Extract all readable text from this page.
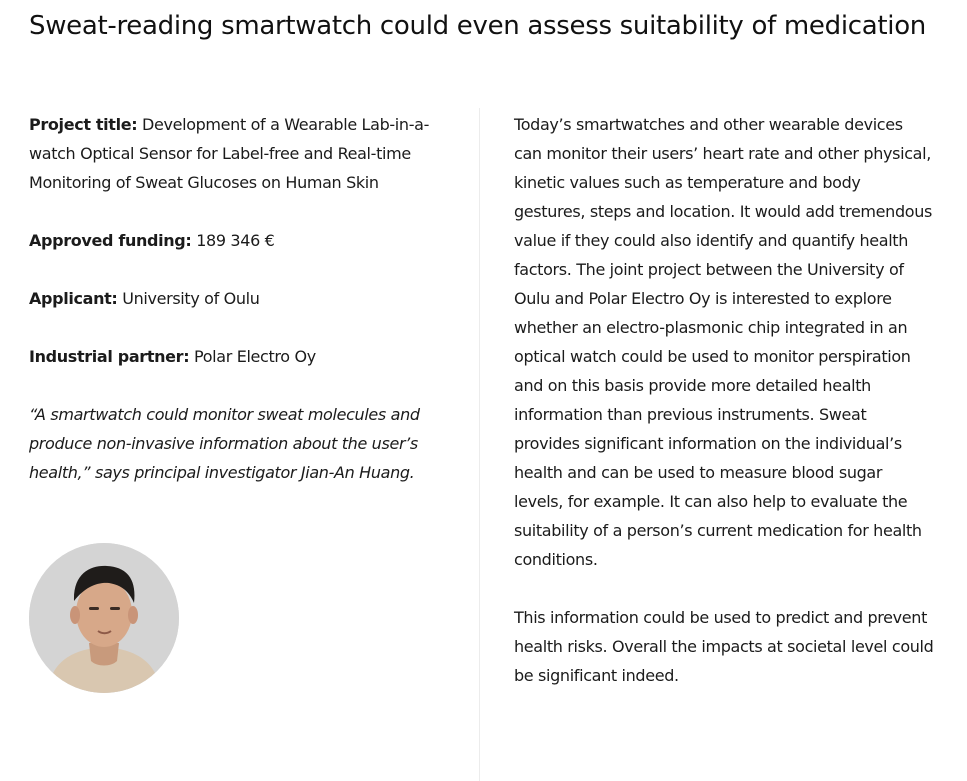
Sweat-reading smartwatch could even assess suitability of medication

Project title: Development of a Wearable Lab-in-a-watch Optical Sensor for Label-free and Real-time Monitoring of Sweat Glucoses on Human Skin

Approved funding: 189 346 €

Applicant: University of Oulu

Industrial partner: Polar Electro Oy

“A smartwatch could monitor sweat molecules and produce non-invasive information about the user’s health,” says principal investigator Jian-An Huang.

Today’s smartwatches and other wearable devices can monitor their users’ heart rate and other physical, kinetic values such as temperature and body gestures, steps and location. It would add tremendous value if they could also identify and quantify health factors. The joint project between the University of Oulu and Polar Electro Oy is interested to explore whether an electro-plasmonic chip integrated in an optical watch could be used to monitor perspiration and on this basis provide more detailed health information than previous instruments. Sweat provides significant information on the individual’s health and can be used to measure blood sugar levels, for example. It can also help to evaluate the suitability of a person’s current medication for health conditions.

This information could be used to predict and prevent health risks. Overall the impacts at societal level could be significant indeed.
